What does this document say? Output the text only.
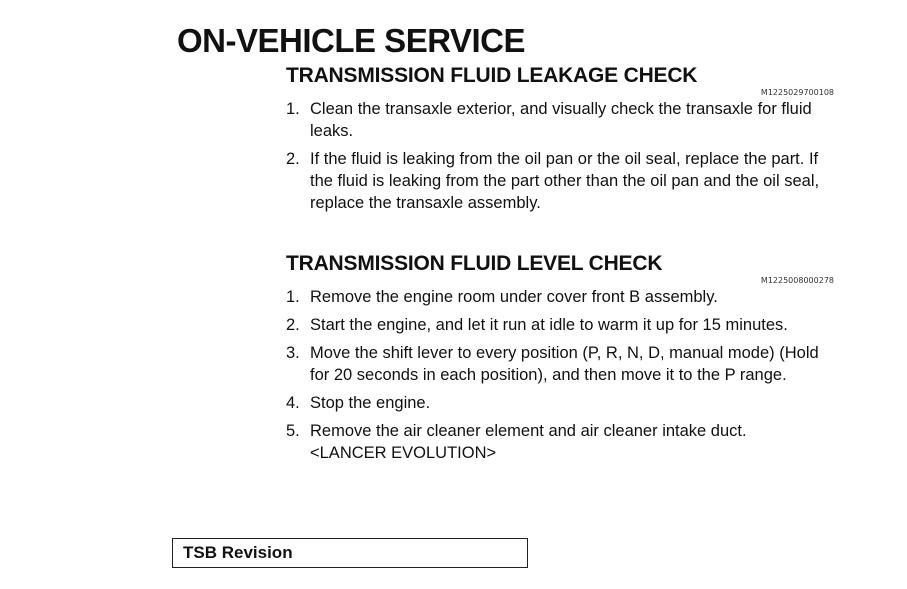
ON-VEHICLE SERVICE
TRANSMISSION FLUID LEAKAGE CHECK
M1225029700108
1. Clean the transaxle exterior, and visually check the transaxle for fluid leaks.
2. If the fluid is leaking from the oil pan or the oil seal, replace the part. If the fluid is leaking from the part other than the oil pan and the oil seal, replace the transaxle assembly.
TRANSMISSION FLUID LEVEL CHECK
M1225008000278
1. Remove the engine room under cover front B assembly.
2. Start the engine, and let it run at idle to warm it up for 15 minutes.
3. Move the shift lever to every position (P, R, N, D, manual mode) (Hold for 20 seconds in each position), and then move it to the P range.
4. Stop the engine.
5. Remove the air cleaner element and air cleaner intake duct. <LANCER EVOLUTION>
TSB Revision
